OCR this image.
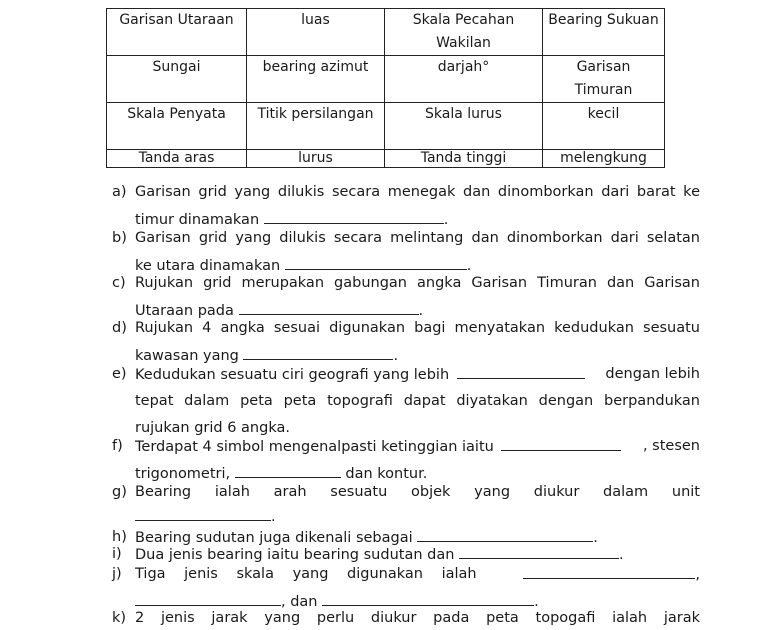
Garisan Utaraan	luas	Skala Pecahan Wakilan	Bearing Sukuan
Sungai	bearing azimut	darjah°	Garisan Timuran
Skala Penyata	Titik persilangan	Skala lurus	kecil
Tanda aras	lurus	Tanda tinggi	melengkung
a) Garisan grid yang dilukis secara menegak dan dinomborkan dari barat ke
timur dinamakan	.
b) Garisan grid yang dilukis secara melintang dan dinomborkan dari selatan
ke utara dinamakan	.
c) Rujukan grid merupakan gabungan angka Garisan Timuran dan Garisan
Utaraan pada	.
d) Rujukan 4 angka sesuai digunakan bagi menyatakan kedudukan sesuatu
kawasan yang	.
e) Kedudukan sesuatu ciri geografi yang lebih	dengan lebih
tepat dalam peta peta topografi dapat diyatakan dengan berpandukan
rujukan grid 6 angka.
f) Terdapat 4 simbol mengenalpasti ketinggian iaitu	, stesen
trigonometri,	dan kontur.
g) Bearing ialah arah sesuatu objek yang diukur dalam unit
.
h) Bearing sudutan juga dikenali sebagai	.
i) Dua jenis bearing iaitu bearing sudutan dan	.
j) Tiga jenis skala yang digunakan ialah	,
, dan	.
k) 2 jenis jarak yang perlu diukur pada peta topogafi ialah jarak
